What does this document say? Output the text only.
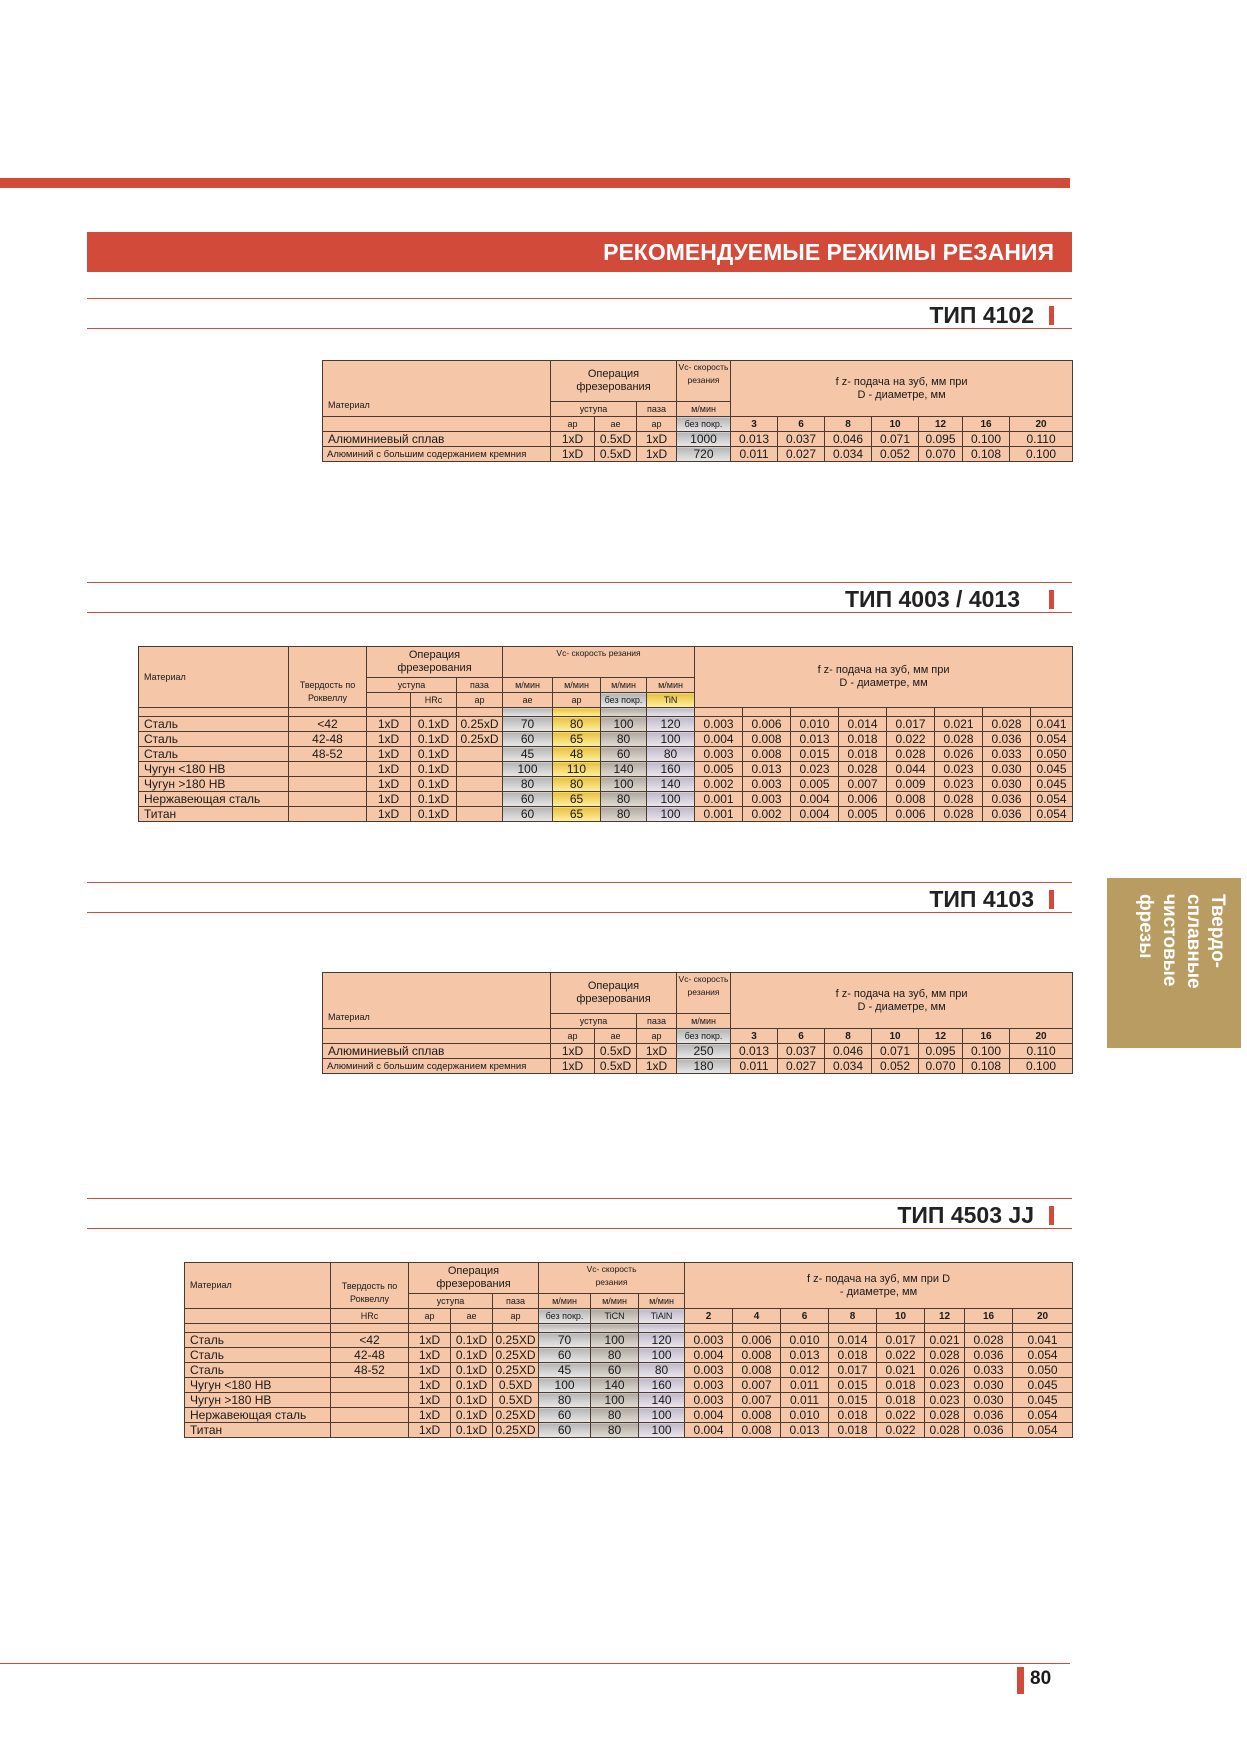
РЕКОМЕНДУЕМЫЕ РЕЖИМЫ РЕЗАНИЯ
ТИП 4102
ТИП 4003 / 4013
ТИП 4103
ТИП 4503 JJ
Твердо-
сплавные
чистовые
фрезы
Материал	Операция фрезерования			Vc- скорость резания	f z- подача на зуб, мм при D - диаметре, мм						

	уступа		паза	м/мин							
	ар	ае	ар	без покр.	3	6	8	10	12	16	20
Алюминиевый сплав	1xD	0.5xD	1xD	1000	0.013	0.037	0.046	0.071	0.095	0.100	0.110
Алюминий с большим содержанием кремния	1xD	0.5xD	1xD	720	0.011	0.027	0.034	0.052	0.070	0.108	0.100
Материал	Твердость по Роквеллу	Операция фрезерования			Vc- скорость резания				f z- подача на зуб, мм при D - диаметре, мм								
		уступа		паза	м/мин	м/мин	м/мин	м/мин									
			HRc	ар	ае	ар	без покр.	TiN										

Сталь	<42	1xD	0.1xD	0.25xD	70	80	100	120	0.003	0.006	0.010	0.014	0.017	0.021	0.028	0.041	
Сталь	42-48	1xD	0.1xD	0.25xD	60	65	80	100	0.004	0.008	0.013	0.018	0.022	0.028	0.036	0.054	
Сталь	48-52	1xD	0.1xD		45	48	60	80	0.003	0.008	0.015	0.018	0.028	0.026	0.033	0.050	
Чугун <180 НВ		1xD	0.1xD		100	110	140	160	0.005	0.013	0.023	0.028	0.044	0.023	0.030	0.045	
Чугун >180 НВ		1xD	0.1xD		80	80	100	140	0.002	0.003	0.005	0.007	0.009	0.023	0.030	0.045	
Нержавеющая сталь		1xD	0.1xD		60	65	80	100	0.001	0.003	0.004	0.006	0.008	0.028	0.036	0.054	
Титан		1xD	0.1xD		60	65	80	100	0.001	0.002	0.004	0.005	0.006	0.028	0.036	0.054	
Материал	Операция фрезерования			Vc- скорость резания	f z- подача на зуб, мм при D - диаметре, мм						
	уступа		паза	м/мин							
	ар	ае	ар	без покр.	3	6	8	10	12	16	20
Алюминиевый сплав	1xD	0.5xD	1xD	250	0.013	0.037	0.046	0.071	0.095	0.100	0.110
Алюминий с большим содержанием кремния	1xD	0.5xD	1xD	180	0.011	0.027	0.034	0.052	0.070	0.108	0.100
Материал	Твердость по Роквеллу	Операция фрезерования			Vc- скорость резания			f z- подача на зуб, мм при D - диаметре, мм							
		уступа		паза	м/мин	м/мин	м/мин								
	HRc	ар	ае	ар	без покр.	TiCN	TiAlN	2	4	6	8	10	12	16	20

Сталь	<42	1xD	0.1xD	0.25XD	70	100	120	0.003	0.006	0.010	0.014	0.017	0.021	0.028	0.041
Сталь	42-48	1xD	0.1xD	0.25XD	60	80	100	0.004	0.008	0.013	0.018	0.022	0.028	0.036	0.054
Сталь	48-52	1xD	0.1xD	0.25XD	45	60	80	0.003	0.008	0.012	0.017	0.021	0.026	0.033	0.050
Чугун <180 НВ		1xD	0.1xD	0.5XD	100	140	160	0.003	0.007	0.011	0.015	0.018	0.023	0.030	0.045
Чугун >180 НВ		1xD	0.1xD	0.5XD	80	100	140	0.003	0.007	0.011	0.015	0.018	0.023	0.030	0.045
Нержавеющая сталь		1xD	0.1xD	0.25XD	60	80	100	0.004	0.008	0.010	0.018	0.022	0.028	0.036	0.054
Титан		1xD	0.1xD	0.25XD	60	80	100	0.004	0.008	0.013	0.018	0.022	0.028	0.036	0.054
80
